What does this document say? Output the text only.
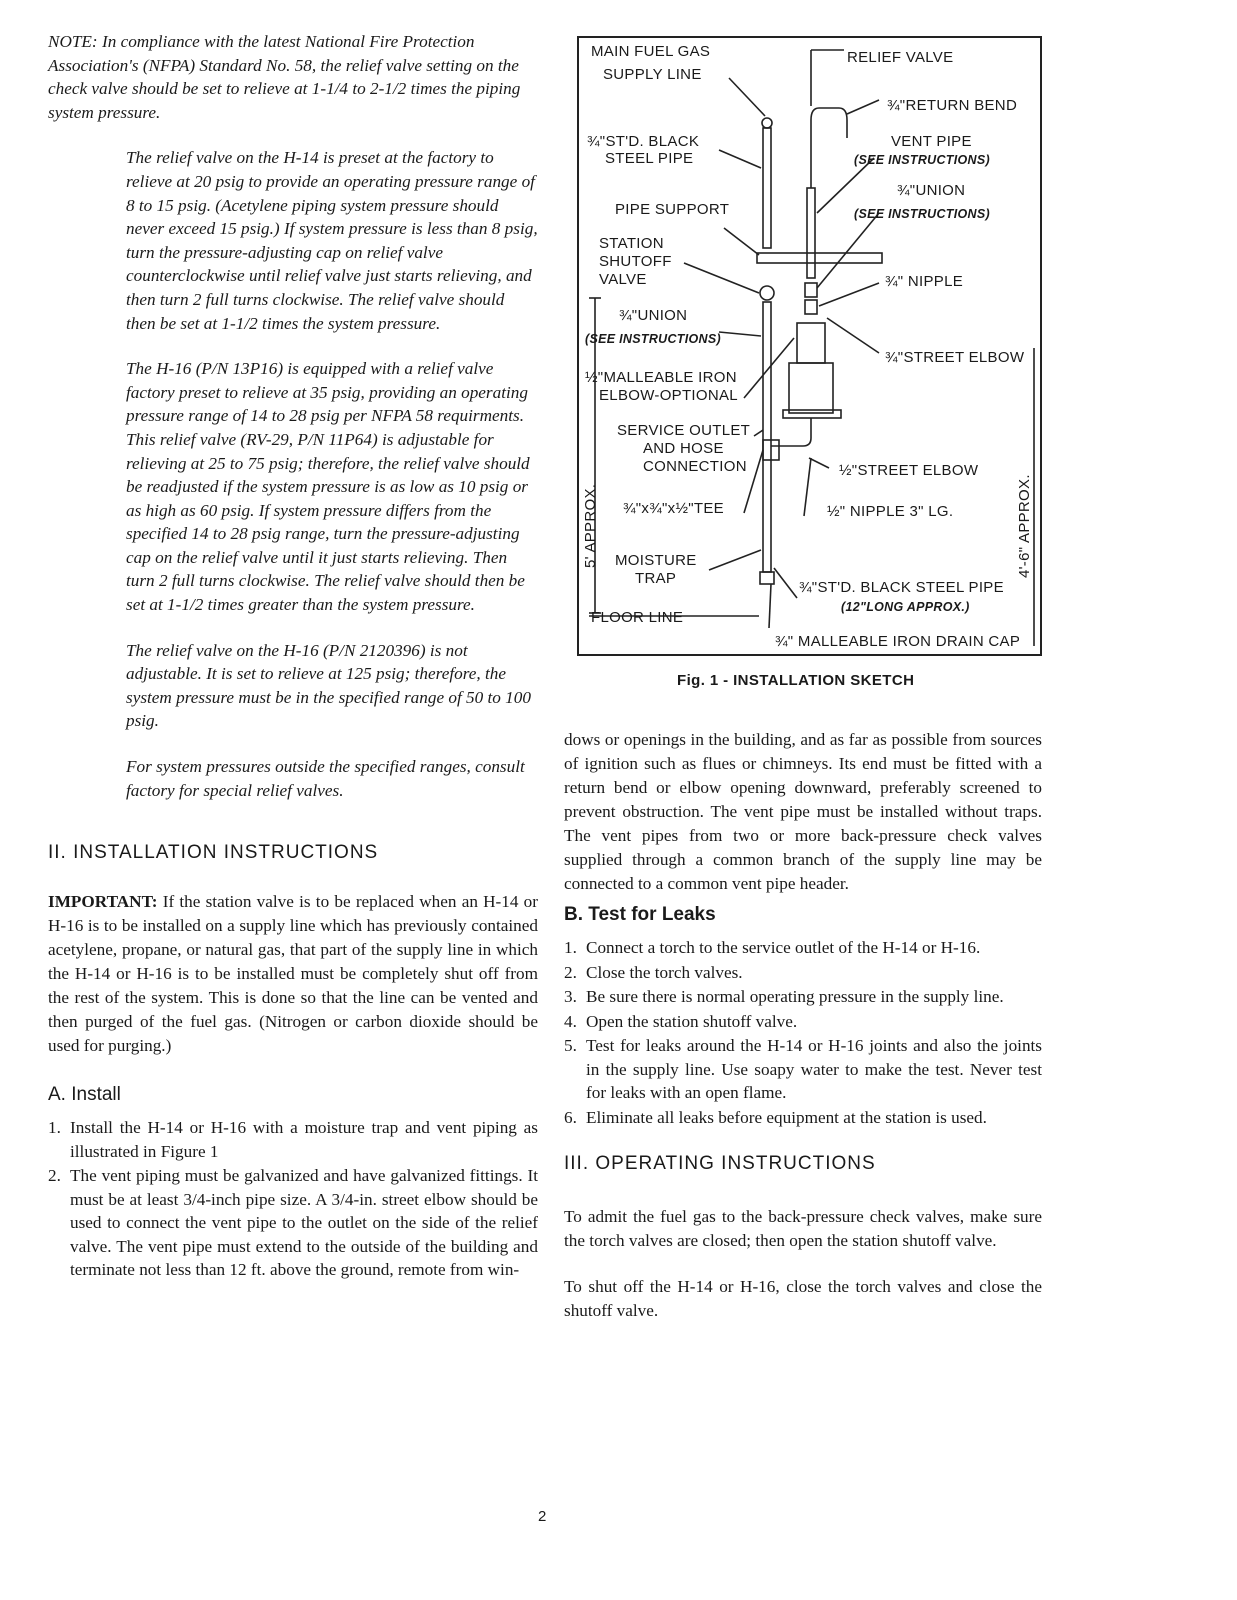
NOTE: In compliance with the latest National Fire Protection Association's (NFPA) Standard No. 58, the relief valve setting on the check valve should be set to relieve at 1-1/4 to 2-1/2 times the piping system pressure.

The relief valve on the H-14 is preset at the factory to relieve at 20 psig to provide an operating pressure range of 8 to 15 psig. (Acetylene piping system pressure should never exceed 15 psig.) If system pressure is less than 8 psig, turn the pressure-adjusting cap on relief valve counterclockwise until relief valve just starts relieving, and then turn 2 full turns clockwise. The relief valve should then be set at 1-1/2 times the system pressure.

The H-16 (P/N 13P16) is equipped with a relief valve factory preset to relieve at 35 psig, providing an operating pressure range of 14 to 28 psig per NFPA 58 requirments. This relief valve (RV-29, P/N 11P64) is adjustable for relieving at 25 to 75 psig; therefore, the relief valve should be readjusted if the system pressure is as low as 10 psig or as high as 60 psig. If system pressure differs from the specified 14 to 28 psig range, turn the pressure-adjusting cap on the relief valve until it just starts relieving. Then turn 2 full turns clockwise. The relief valve should then be set at 1-1/2 times greater than the system pressure.

The relief valve on the H-16 (P/N 2120396) is not adjustable. It is set to relieve at 125 psig; therefore, the system pressure must be in the specified range of 50 to 100 psig.

For system pressures outside the specified ranges, consult factory for special relief valves.

II. INSTALLATION INSTRUCTIONS

IMPORTANT: If the station valve is to be replaced when an H-14 or H-16 is to be installed on a supply line which has previously contained acetylene, propane, or natural gas, that part of the supply line in which the H-14 or H-16 is to be installed must be completely shut off from the rest of the system. This is done so that the line can be vented and then purged of the fuel gas. (Nitrogen or carbon dioxide should be used for purging.)

A. Install
1. Install the H-14 or H-16 with a moisture trap and vent piping as illustrated in Figure 1
2. The vent piping must be galvanized and have galvanized fittings. It must be at least 3/4-inch pipe size. A 3/4-in. street elbow should be used to connect the vent pipe to the outlet on the side of the relief valve. The vent pipe must extend to the outside of the building and terminate not less than 12 ft. above the ground, remote from win-
MAIN FUEL GAS
SUPPLY LINE
RELIEF VALVE
¾"RETURN BEND
¾"ST'D. BLACK
STEEL PIPE
VENT PIPE
(SEE INSTRUCTIONS)
¾"UNION
(SEE INSTRUCTIONS)
PIPE SUPPORT
STATION
SHUTOFF
VALVE	¾" NIPPLE
¾"UNION
(SEE INSTRUCTIONS)
¾"STREET ELBOW
½"MALLEABLE IRON
ELBOW-OPTIONAL
SERVICE OUTLET
AND HOSE
CONNECTION	½"STREET ELBOW
¾"x¾"x½"TEE	½" NIPPLE 3" LG.
5' APPROX.	4'-6" APPROX.
MOISTURE
TRAP
¾"ST'D. BLACK STEEL PIPE
(12"LONG APPROX.)
FLOOR LINE
¾" MALLEABLE IRON DRAIN CAP
Fig. 1 - INSTALLATION SKETCH

dows or openings in the building, and as far as possible from sources of ignition such as flues or chimneys. Its end must be fitted with a return bend or elbow opening downward, preferably screened to prevent obstruction. The vent pipe must be installed without traps. The vent pipes from two or more back-pressure check valves supplied through a common branch of the supply line may be connected to a common vent pipe header.

B. Test for Leaks
1. Connect a torch to the service outlet of the H-14 or H-16.
2. Close the torch valves.
3. Be sure there is normal operating pressure in the supply line.
4. Open the station shutoff valve.
5. Test for leaks around the H-14 or H-16 joints and also the joints in the supply line. Use soapy water to make the test. Never test for leaks with an open flame.
6. Eliminate all leaks before equipment at the station is used.
III. OPERATING INSTRUCTIONS

To admit the fuel gas to the back-pressure check valves, make sure the torch valves are closed; then open the station shutoff valve.

To shut off the H-14 or H-16, close the torch valves and close the shutoff valve.

2
